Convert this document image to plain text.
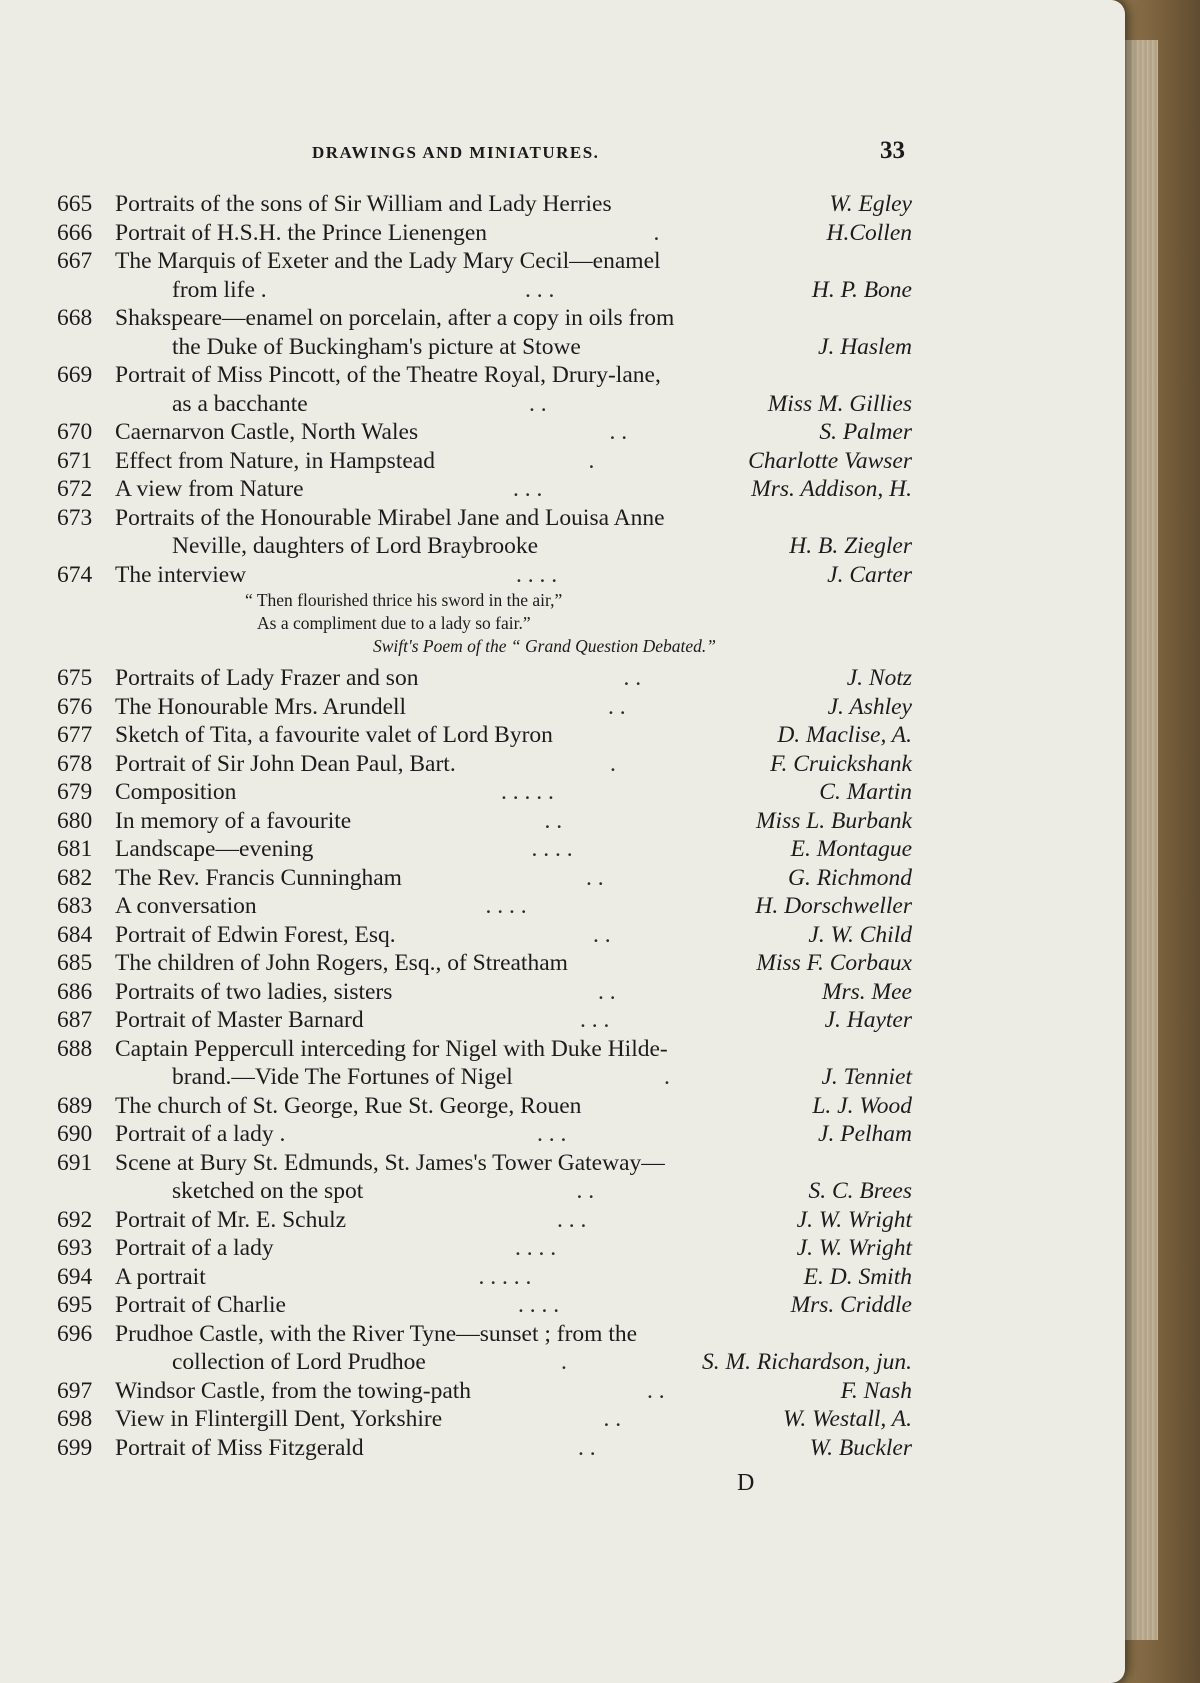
DRAWINGS AND MINIATURES.	33
665 Portraits of the sons of Sir William and Lady Herries	W. Egley
666 Portrait of H.S.H. the Prince Lienengen	.	H.Collen
667 The Marquis of Exeter and the Lady Mary Cecil—enamel
from life .	. . .	H. P. Bone
668 Shakspeare—enamel on porcelain, after a copy in oils from
the Duke of Buckingham's picture at Stowe	J. Haslem
669 Portrait of Miss Pincott, of the Theatre Royal, Drury-lane,
as a bacchante	. .	Miss M. Gillies
670 Caernarvon Castle, North Wales	. .	S. Palmer
671 Effect from Nature, in Hampstead	.	Charlotte Vawser
672 A view from Nature	. . .	Mrs. Addison, H.
673 Portraits of the Honourable Mirabel Jane and Louisa Anne
Neville, daughters of Lord Braybrooke	H. B. Ziegler
674 The interview	. . . .	J. Carter
“ Then flourished thrice his sword in the air,”
As a compliment due to a lady so fair.”
Swift's Poem of the “ Grand Question Debated.”
675 Portraits of Lady Frazer and son	. .	J. Notz
676 The Honourable Mrs. Arundell	. .	J. Ashley
677 Sketch of Tita, a favourite valet of Lord Byron	D. Maclise, A.
678 Portrait of Sir John Dean Paul, Bart.	.	F. Cruickshank
679 Composition	. . . . .	C. Martin
680 In memory of a favourite	. .	Miss L. Burbank
681 Landscape—evening	. . . .	E. Montague
682 The Rev. Francis Cunningham	. .	G. Richmond
683 A conversation	. . . .	H. Dorschweller
684 Portrait of Edwin Forest, Esq.	. .	J. W. Child
685 The children of John Rogers, Esq., of Streatham	Miss F. Corbaux
686 Portraits of two ladies, sisters	. .	Mrs. Mee
687 Portrait of Master Barnard	. . .	J. Hayter
688 Captain Peppercull interceding for Nigel with Duke Hilde-
brand.—Vide The Fortunes of Nigel	.	J. Tenniet
689 The church of St. George, Rue St. George, Rouen	L. J. Wood
690 Portrait of a lady .	. . .	J. Pelham
691 Scene at Bury St. Edmunds, St. James's Tower Gateway—
sketched on the spot	. .	S. C. Brees
692 Portrait of Mr. E. Schulz	. . .	J. W. Wright
693 Portrait of a lady	. . . .	J. W. Wright
694 A portrait	. . . . .	E. D. Smith
695 Portrait of Charlie	. . . .	Mrs. Criddle
696 Prudhoe Castle, with the River Tyne—sunset ; from the
collection of Lord Prudhoe	.	S. M. Richardson, jun.
697 Windsor Castle, from the towing-path	. .	F. Nash
698 View in Flintergill Dent, Yorkshire	. .	W. Westall, A.
699 Portrait of Miss Fitzgerald	. .	W. Buckler
D
